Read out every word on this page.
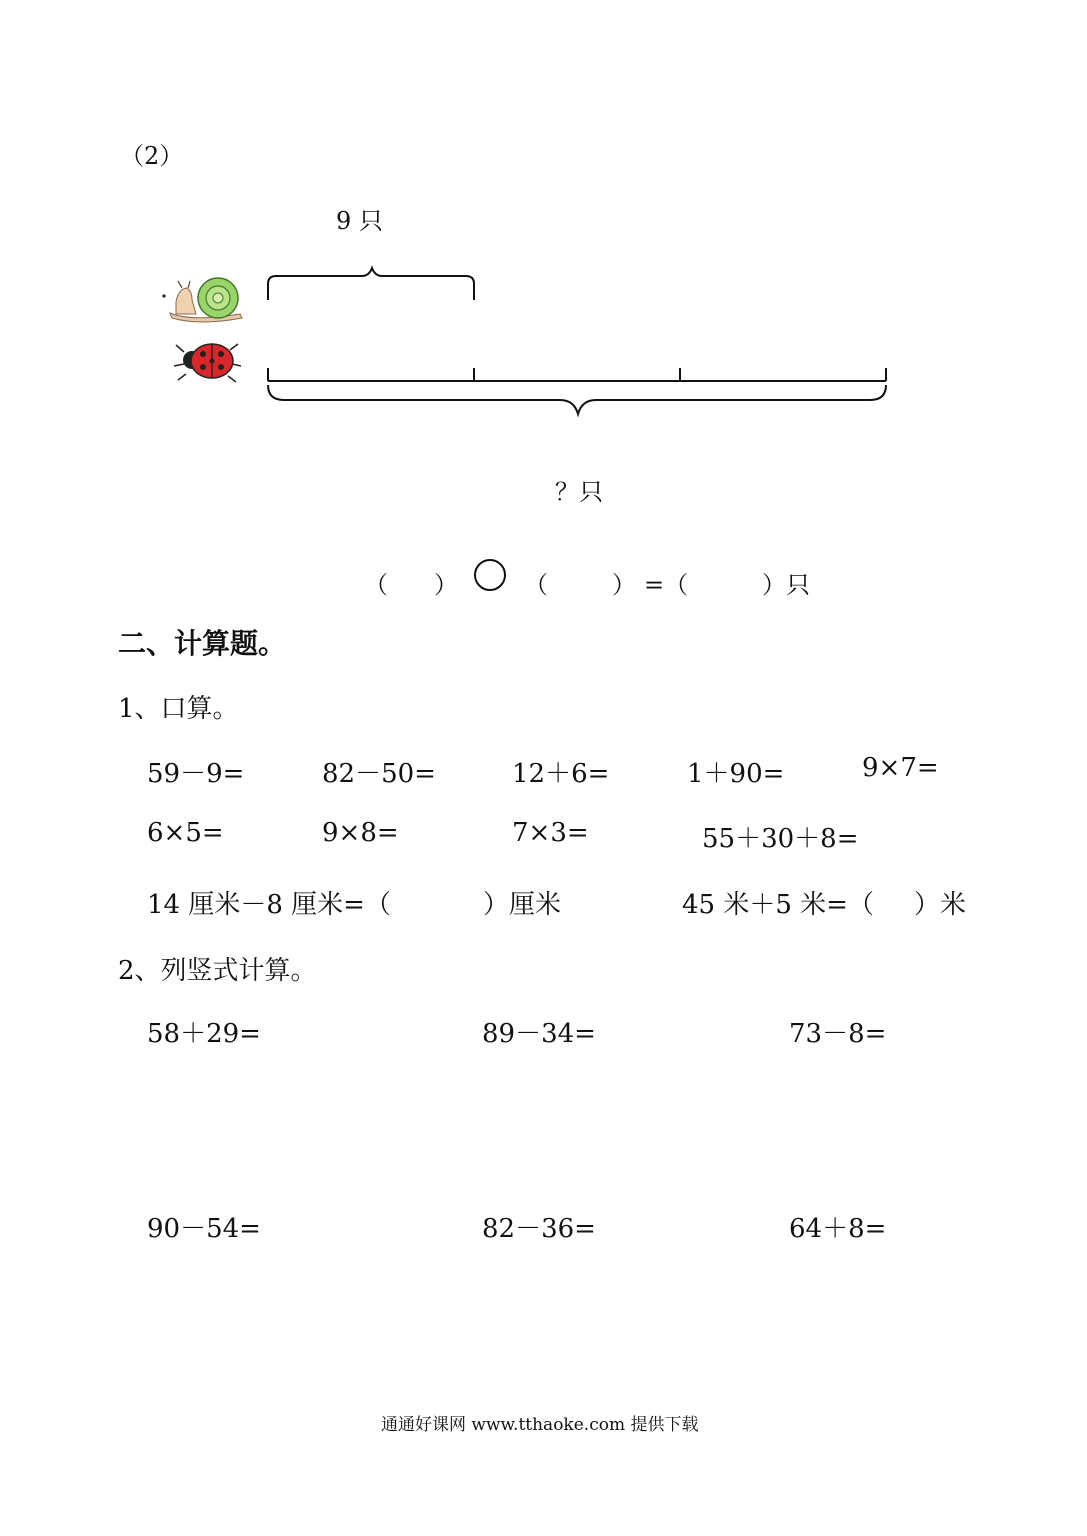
（2）
9 只
？只
（ ）	（	） =（	）只
二、计算题。
1、口算。
59－9=	82－50=	12＋6=	1＋90=	9×7=
6×5=	9×8=	7×3=	55＋30＋8=
14 厘米－8 厘米=（	）厘米	45 米＋5 米=（ ）米
2、列竖式计算。
58＋29=	89－34=	73－8=
90－54=	82－36=	64＋8=
通通好课网 www.tthaoke.com 提供下载
